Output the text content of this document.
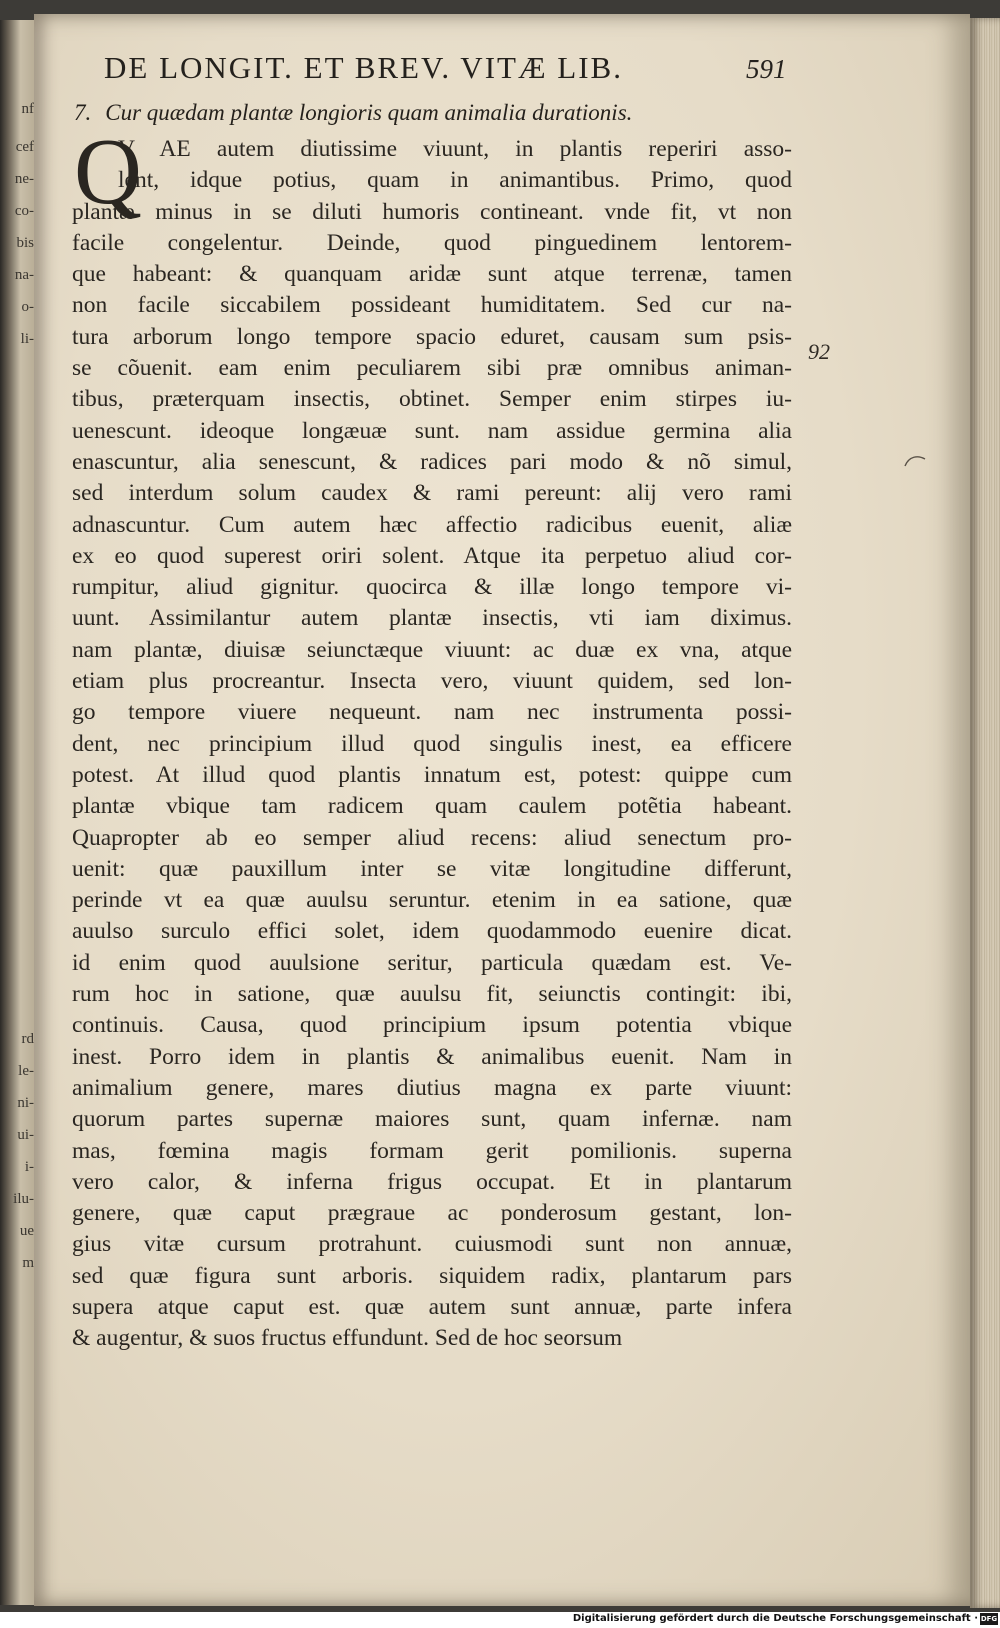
nf
cef
ne-
co-
bis
na-
o-
li-
rd
le-
ni-
ui-
i-
ilu-
ue
m
DE LONGIT. ET BREV. VITÆ LIB.	591
7. Cur quædam plantæ longioris quam animalia durationis.
Q
V AE autem diutissime viuunt, in plantis reperiri asso-
lent, idque potius, quam in animantibus. Primo, quod
plantæ minus in se diluti humoris contineant. vnde fit, vt non
facile congelentur. Deinde, quod pinguedinem lentorem-
que habeant: & quanquam aridæ sunt atque terrenæ, tamen
non facile siccabilem possideant humiditatem. Sed cur na-
tura arborum longo tempore spacio eduret, causam sum psis-
se cõuenit. eam enim peculiarem sibi præ omnibus animan-
tibus, præterquam insectis, obtinet. Semper enim stirpes iu-
uenescunt. ideoque longæuæ sunt. nam assidue germina alia
enascuntur, alia senescunt, & radices pari modo & nõ simul,
sed interdum solum caudex & rami pereunt: alij vero rami
adnascuntur. Cum autem hæc affectio radicibus euenit, aliæ
ex eo quod superest oriri solent. Atque ita perpetuo aliud cor-
rumpitur, aliud gignitur. quocirca & illæ longo tempore vi-
uunt. Assimilantur autem plantæ insectis, vti iam diximus.
nam plantæ, diuisæ seiunctæque viuunt: ac duæ ex vna, atque
etiam plus procreantur. Insecta vero, viuunt quidem, sed lon-
go tempore viuere nequeunt. nam nec instrumenta possi-
dent, nec principium illud quod singulis inest, ea efficere
potest. At illud quod plantis innatum est, potest: quippe cum
plantæ vbique tam radicem quam caulem potẽtia habeant.
Quapropter ab eo semper aliud recens: aliud senectum pro-
uenit: quæ pauxillum inter se vitæ longitudine differunt,
perinde vt ea quæ auulsu seruntur. etenim in ea satione, quæ
auulso surculo effici solet, idem quodammodo euenire dicat.
id enim quod auulsione seritur, particula quædam est. Ve-
rum hoc in satione, quæ auulsu fit, seiunctis contingit: ibi,
continuis. Causa, quod principium ipsum potentia vbique
inest. Porro idem in plantis & animalibus euenit. Nam in
animalium genere, mares diutius magna ex parte viuunt:
quorum partes supernæ maiores sunt, quam infernæ. nam
mas, fœmina magis formam gerit pomilionis. superna
vero calor, & inferna frigus occupat. Et in plantarum
genere, quæ caput prægraue ac ponderosum gestant, lon-
gius vitæ cursum protrahunt. cuiusmodi sunt non annuæ,
sed quæ figura sunt arboris. siquidem radix, plantarum pars
supera atque caput est. quæ autem sunt annuæ, parte infera
& augentur, & suos fructus effundunt. Sed de hoc seorsum
92
Digitalisierung gefördert durch die Deutsche Forschungsgemeinschaft · DFG
